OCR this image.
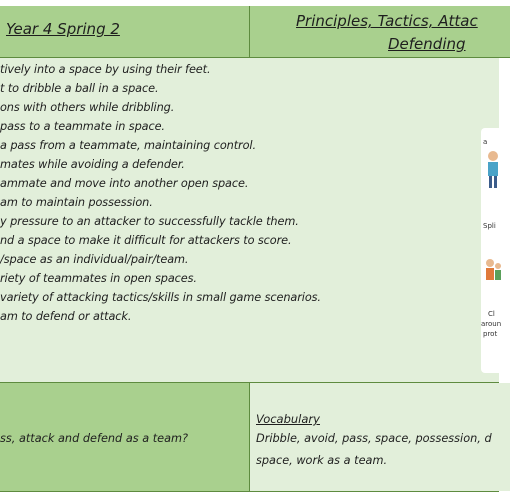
Year 4 Spring 2	Principles, Tactics, Attac
Defending
tively into a space by using their feet.
t to dribble a ball in a space.
ons with others while dribbling.
pass to a teammate in space.
a pass from a teammate, maintaining control.
mates while avoiding a defender.
ammate and move into another open space.
am to maintain possession.
y pressure to an attacker to successfully tackle them.
nd a space to make it difficult for attackers to score.
/space as an individual/pair/team.
riety of teammates in open spaces.
variety of attacking tactics/skills in small game scenarios.
am to defend or attack.
a
Spli
Cl
aroun
prot
ss, attack and defend as a team?
Vocabulary
Dribble, avoid, pass, space, possession, d
space, work as a team.
